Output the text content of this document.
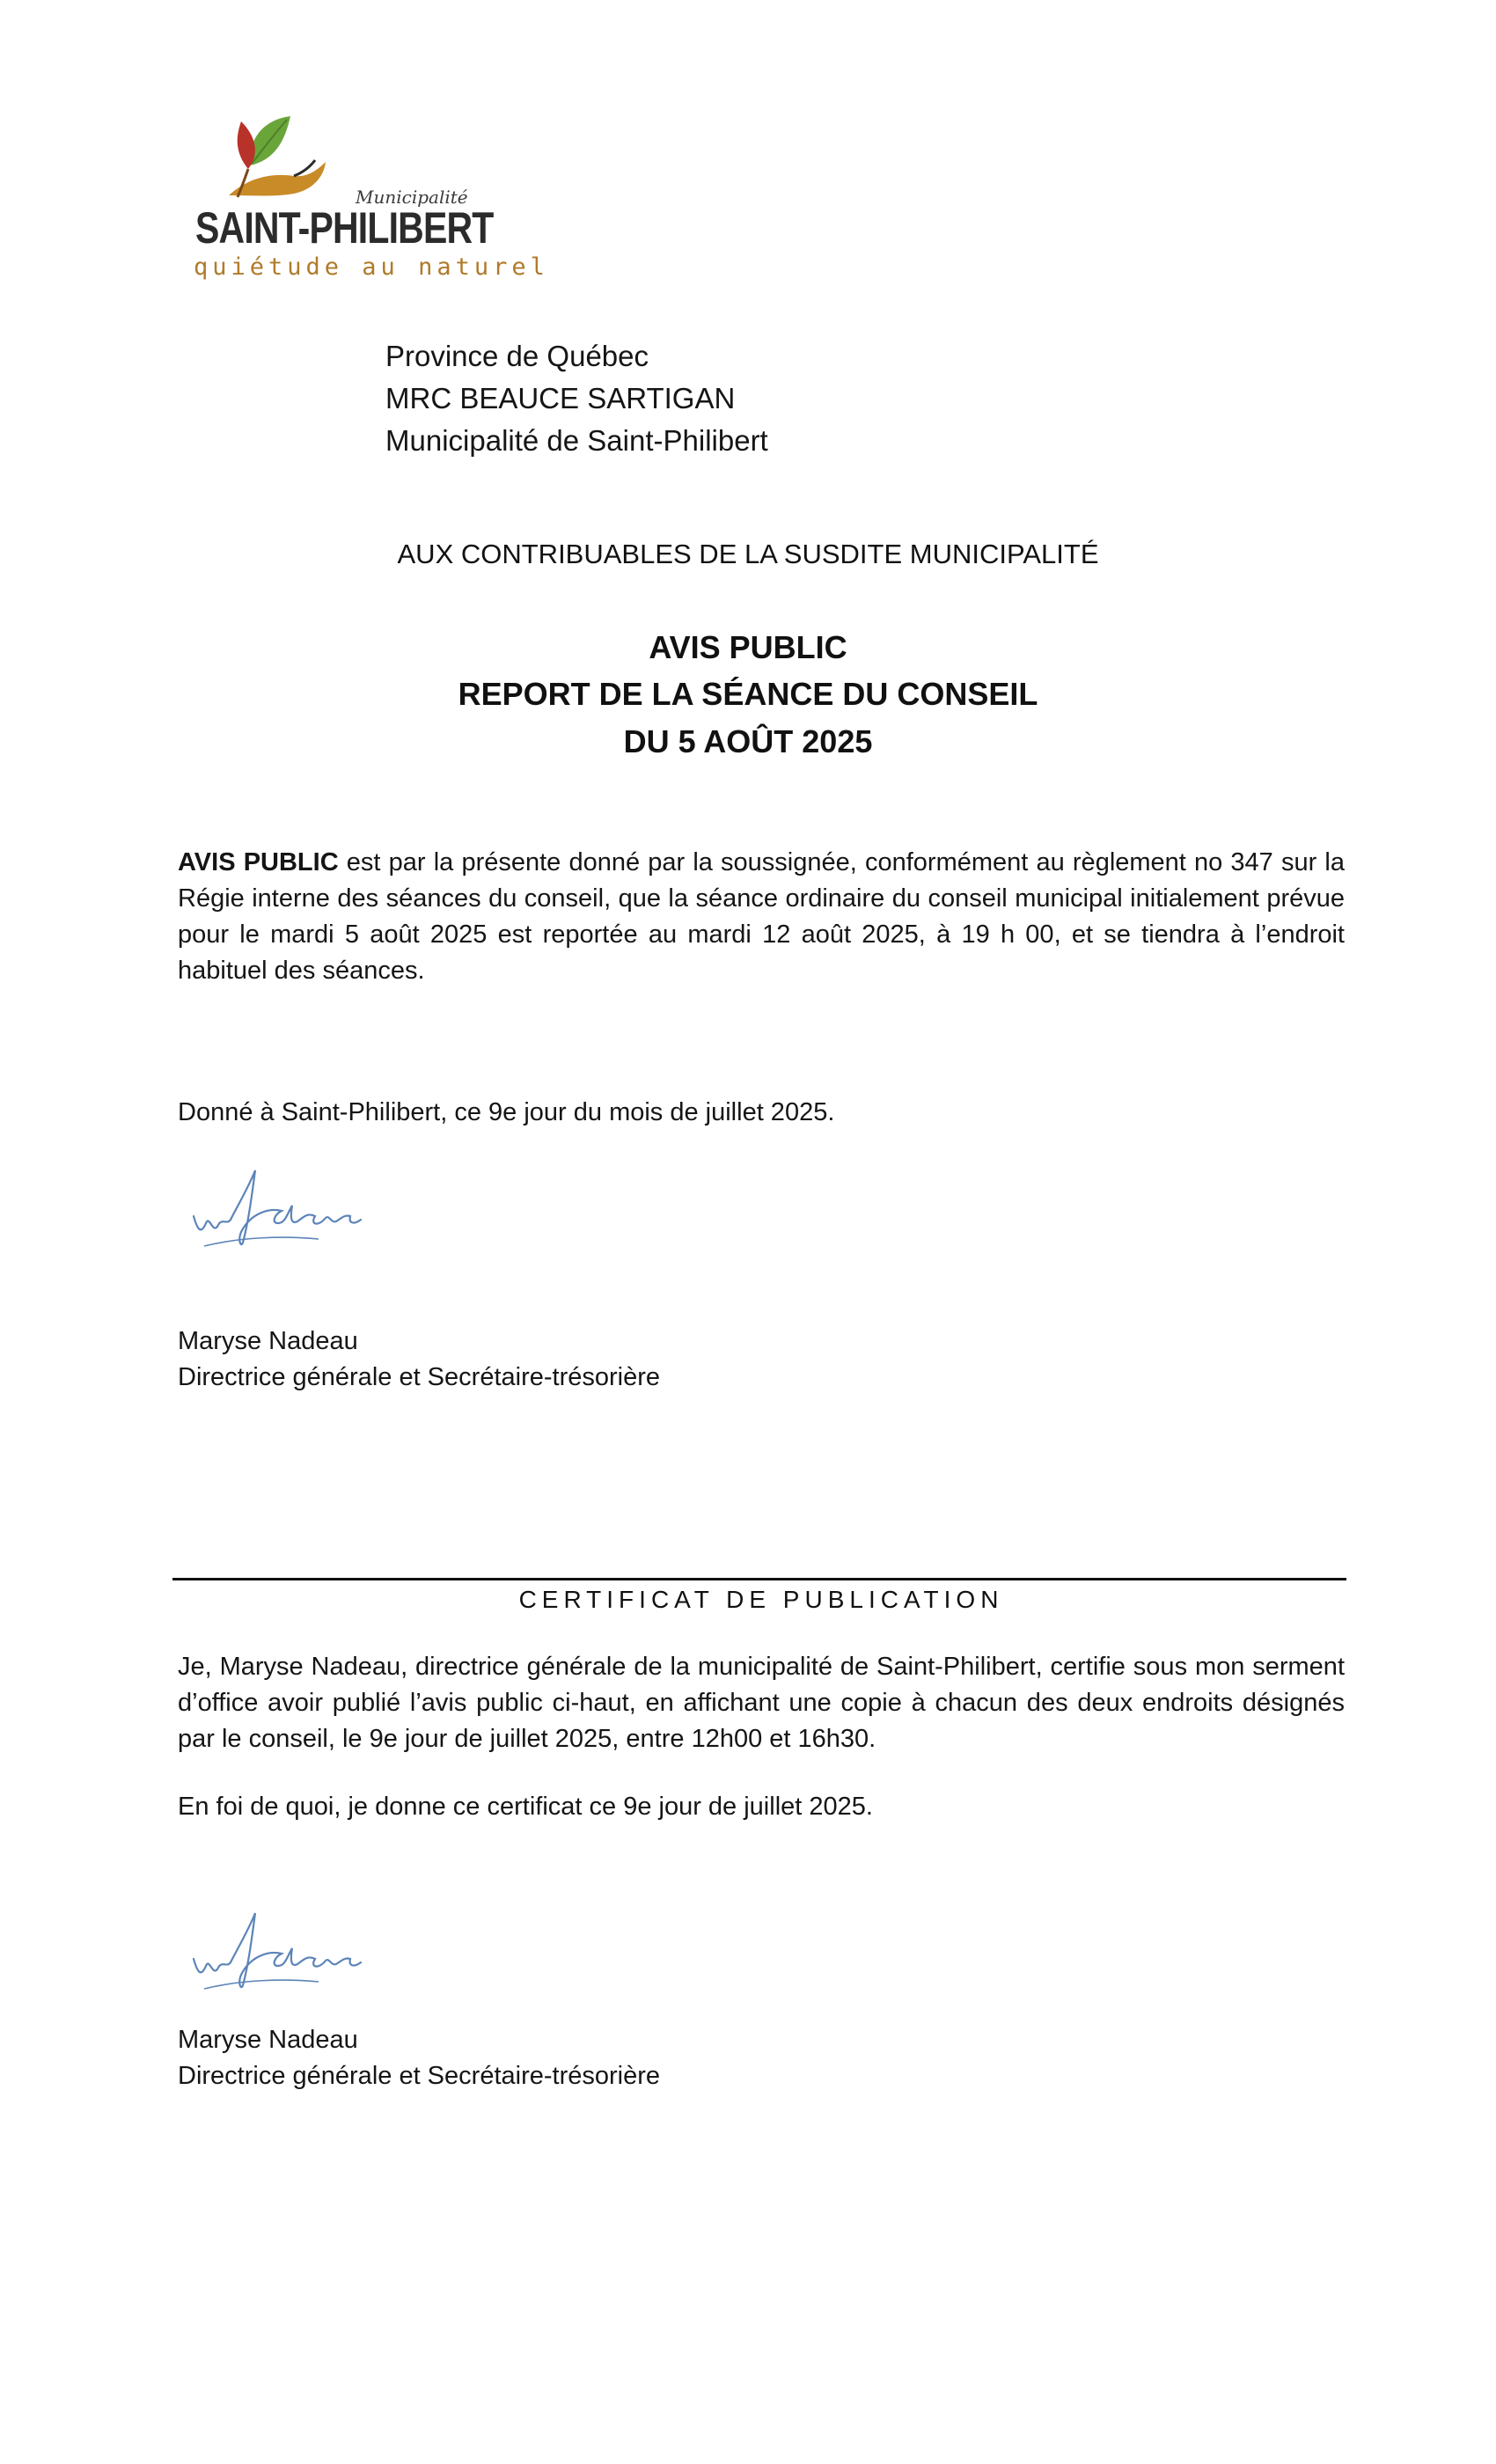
Municipalité
SAINT-PHILIBERT
quiétude au naturel
Province de Québec
MRC BEAUCE SARTIGAN
Municipalité de Saint-Philibert
AUX CONTRIBUABLES DE LA SUSDITE MUNICIPALITÉ
AVIS PUBLIC
REPORT DE LA SÉANCE DU CONSEIL
DU 5 AOÛT 2025
AVIS PUBLIC est par la présente donné par la soussignée, conformément au règlement no 347 sur la Régie interne des séances du conseil, que la séance ordinaire du conseil municipal initialement prévue pour le mardi 5 août 2025 est reportée au mardi 12 août 2025, à 19 h 00, et se tiendra à l’endroit habituel des séances.
Donné à Saint-Philibert, ce 9e jour du mois de juillet 2025.
Maryse Nadeau
Directrice générale et Secrétaire-trésorière
CERTIFICAT DE PUBLICATION
Je, Maryse Nadeau, directrice générale de la municipalité de Saint-Philibert, certifie sous mon serment d’office avoir publié l’avis public ci-haut, en affichant une copie à chacun des deux endroits désignés par le conseil, le 9e jour de juillet 2025, entre 12h00 et 16h30.
En foi de quoi, je donne ce certificat ce 9e jour de juillet 2025.
Maryse Nadeau
Directrice générale et Secrétaire-trésorière
